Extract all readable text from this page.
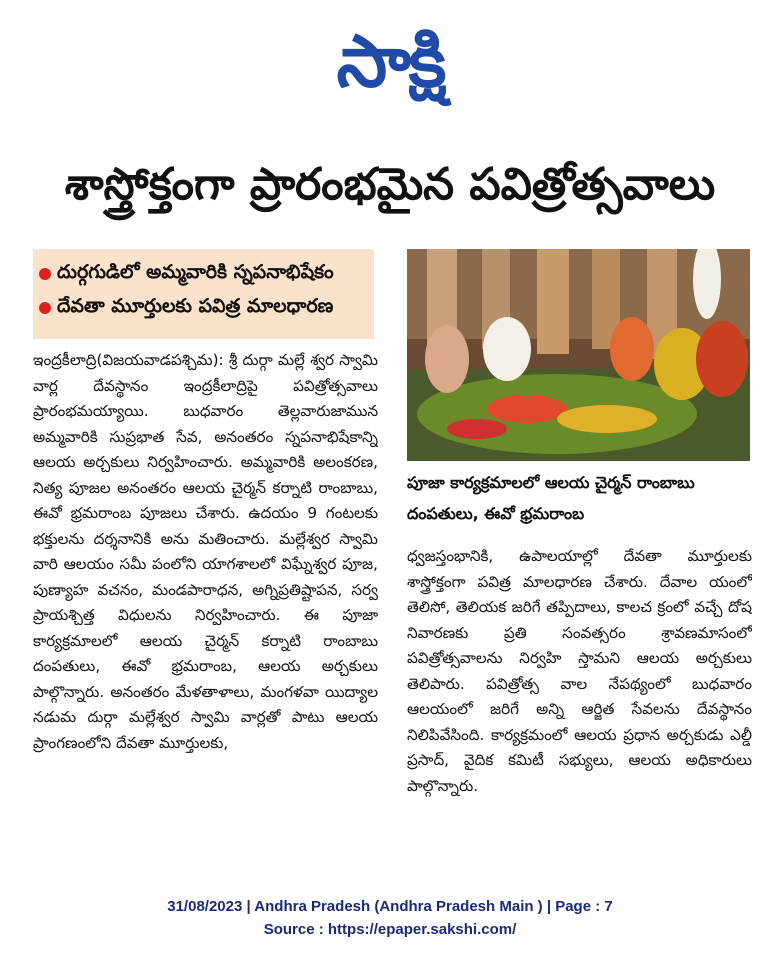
సాక్షి
శాస్త్రోక్తంగా ప్రారంభమైన పవిత్రోత్సవాలు
దుర్గగుడిలో అమ్మవారికి స్నపనాభిషేకం
దేవతా మూర్తులకు పవిత్ర మాలధారణ
ఇంద్రకీలాద్రి(విజయవాడపశ్చిమ): శ్రీ దుర్గా మల్లే శ్వర స్వామి వార్ల దేవస్థానం ఇంద్రకీలాద్రిపై పవిత్రోత్సవాలు ప్రారంభమయ్యాయి. బుధవారం తెల్లవారుజామున అమ్మవారికి సుప్రభాత సేవ, అనంతరం స్నపనాభిషేకాన్ని ఆలయ అర్చకులు నిర్వహించారు. అమ్మవారికి అలంకరణ, నిత్య పూజల అనంతరం ఆలయ చైర్మన్ కర్నాటి రాంబాబు, ఈవో భ్రమరాంబ పూజలు చేశారు. ఉదయం 9 గంటలకు భక్తులను దర్శనానికి అను మతించారు. మల్లేశ్వర స్వామి వారి ఆలయం సమీ పంలోని యాగశాలలో విఘ్నేశ్వర పూజ, పుణ్యాహ వచనం, మండపారాధన, అగ్నిప్రతిష్టాపన, సర్వ ప్రాయశ్చిత్త విధులను నిర్వహించారు. ఈ పూజా కార్యక్రమాలలో ఆలయ చైర్మన్ కర్నాటి రాంబాబు దంపతులు, ఈవో భ్రమరాంబ, ఆలయ అర్చకులు పాల్గొన్నారు. అనంతరం మేళతాళాలు, మంగళవా యిద్యాల నడుమ దుర్గా మల్లేశ్వర స్వామి వార్లతో పాటు ఆలయ ప్రాంగణంలోని దేవతా మూర్తులకు,
పూజా కార్యక్రమాలలో ఆలయ చైర్మన్ రాంబాబు దంపతులు, ఈవో భ్రమరాంబ
ధ్వజస్తంభానికి, ఉపాలయాల్లో దేవతా మూర్తులకు శాస్త్రోక్తంగా పవిత్ర మాలధారణ చేశారు. దేవాల యంలో తెలిసో, తెలియక జరిగే తప్పిదాలు, కాలచ క్రంలో వచ్చే దోష నివారణకు ప్రతి సంవత్సరం శ్రావణమాసంలో పవిత్రోత్సవాలను నిర్వహి స్తామని ఆలయ అర్చకులు తెలిపారు. పవిత్రోత్స వాల నేపథ్యంలో బుధవారం ఆలయంలో జరిగే అన్ని ఆర్జిత సేవలను దేవస్థానం నిలిపివేసింది. కార్యక్రమంలో ఆలయ ప్రధాన అర్చకుడు ఎల్డీ ప్రసాద్, వైదిక కమిటీ సభ్యులు, ఆలయ అధికారులు పాల్గొన్నారు.
31/08/2023 | Andhra Pradesh (Andhra Pradesh Main ) | Page : 7
Source : https://epaper.sakshi.com/
